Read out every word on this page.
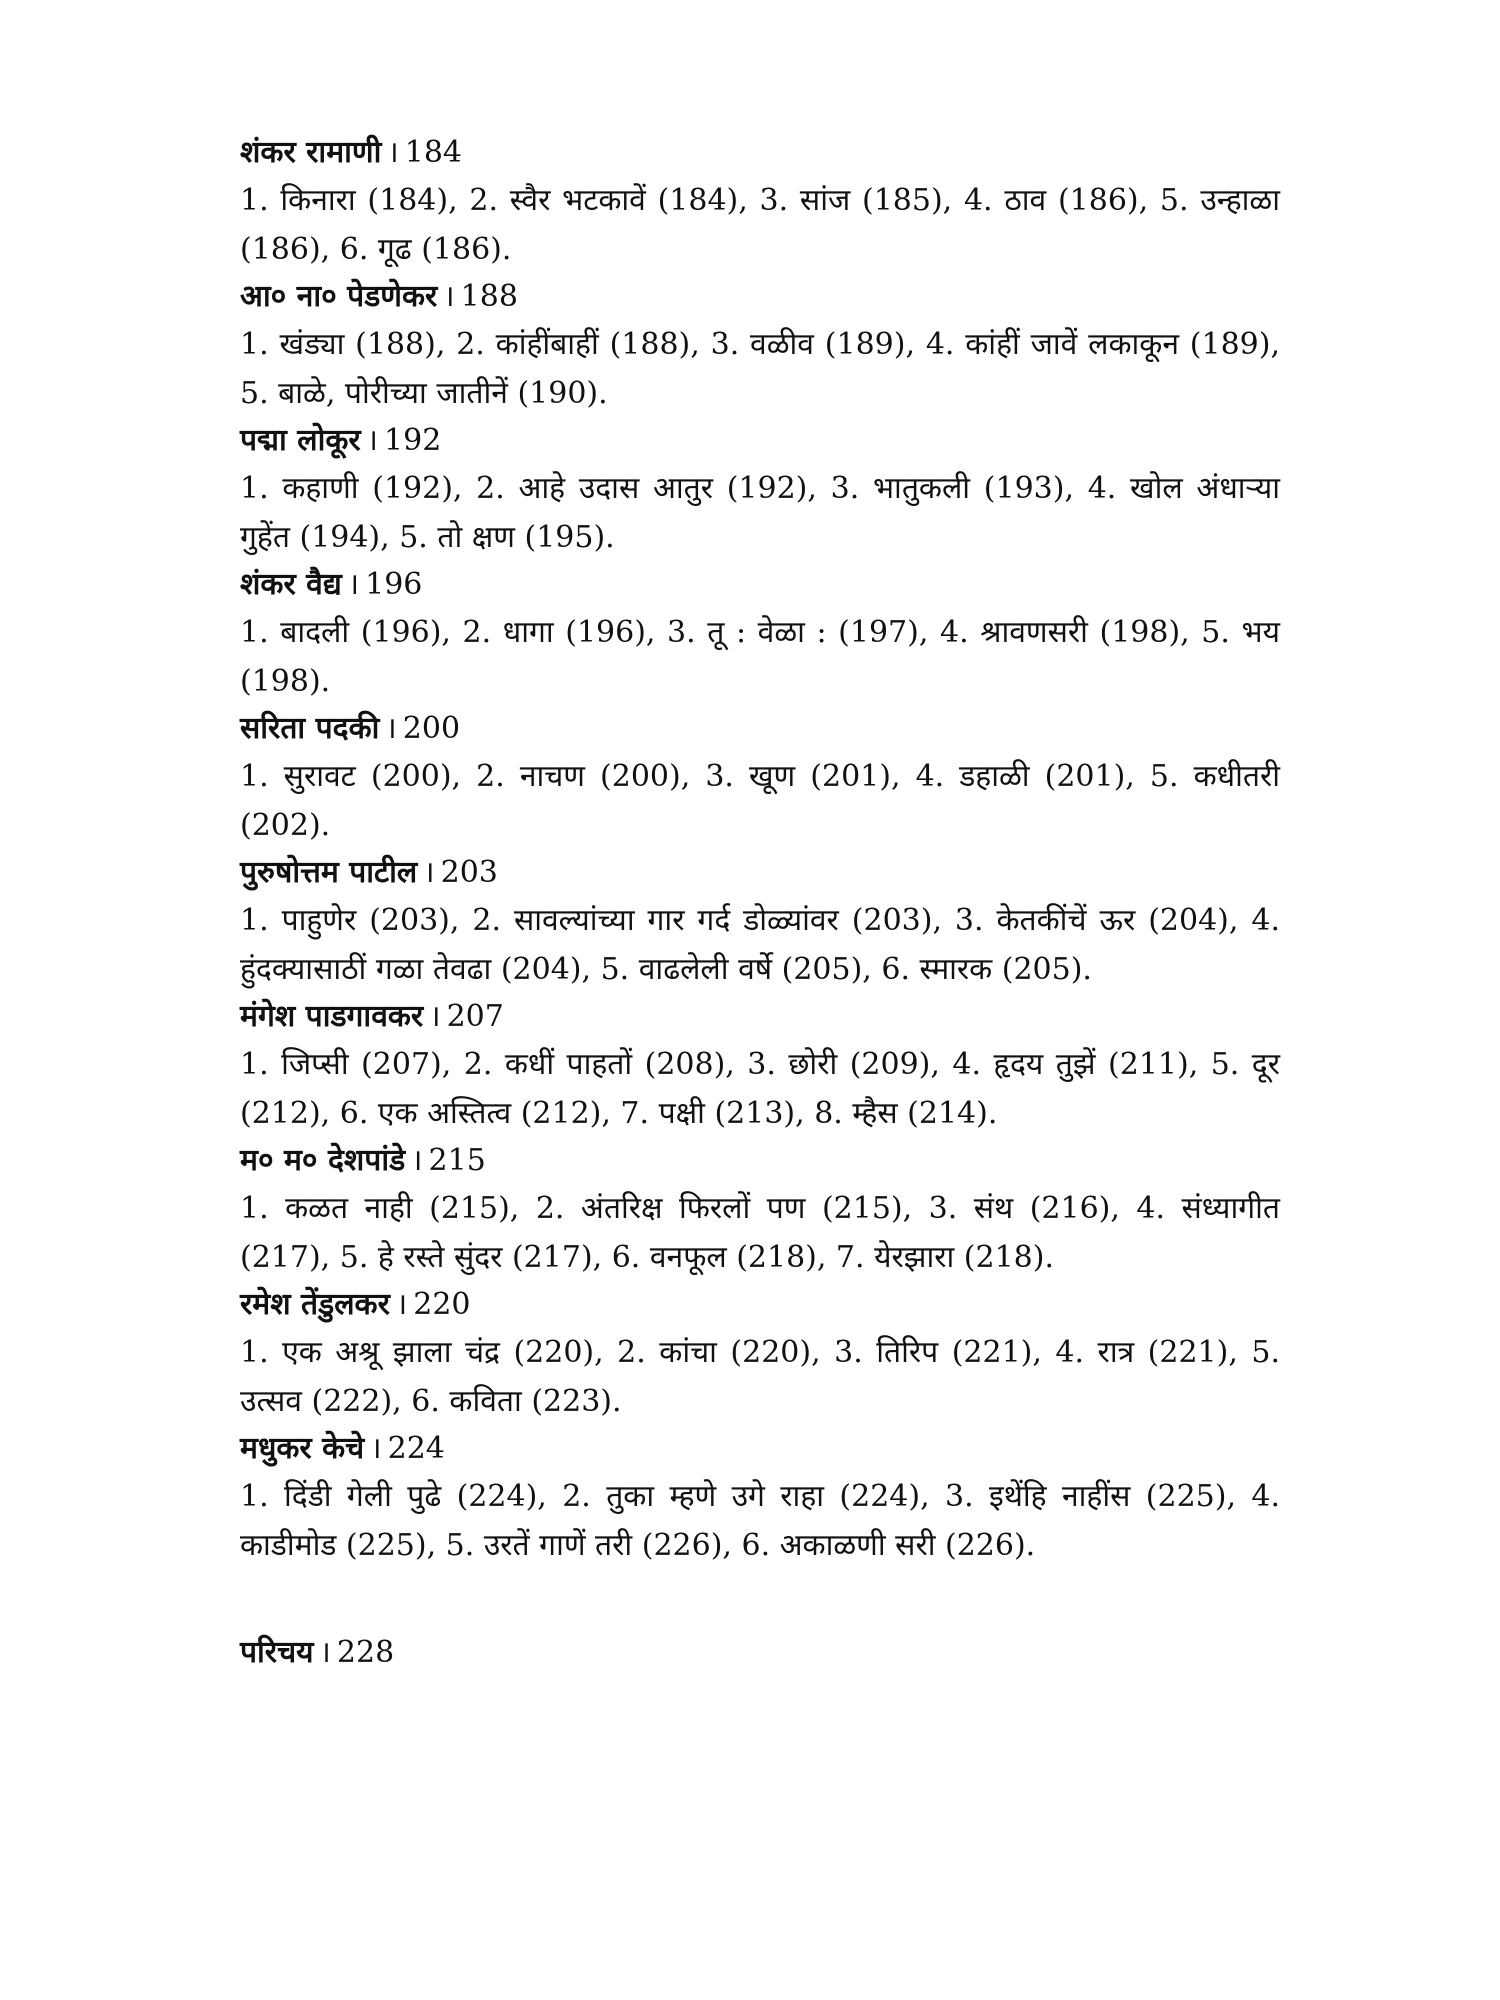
शंकर रामाणी । 184

1. किनारा (184), 2. स्वैर भटकावें (184), 3. सांज (185), 4. ठाव (186), 5. उन्हाळा (186), 6. गूढ (186).

आ० ना० पेडणेकर । 188

1. खंड्या (188), 2. कांहींबाहीं (188), 3. वळीव (189), 4. कांहीं जावें लकाकून (189), 5. बाळे, पोरीच्या जातीनें (190).

पद्मा लोकूर । 192

1. कहाणी (192), 2. आहे उदास आतुर (192), 3. भातुकली (193), 4. खोल अंधाऱ्या गुहेंत (194), 5. तो क्षण (195).

शंकर वैद्य । 196

1. बादली (196), 2. धागा (196), 3. तू : वेळा : (197), 4. श्रावणसरी (198), 5. भय (198).

सरिता पदकी । 200

1. सुरावट (200), 2. नाचण (200), 3. खूण (201), 4. डहाळी (201), 5. कधीतरी (202).

पुरुषोत्तम पाटील । 203

1. पाहुणेर (203), 2. सावल्यांच्या गार गर्द डोळ्यांवर (203), 3. केतकींचें ऊर (204), 4. हुंदक्यासाठीं गळा तेवढा (204), 5. वाढलेली वर्षे (205), 6. स्मारक (205).

मंगेश पाडगावकर । 207

1. जिप्सी (207), 2. कधीं पाहतों (208), 3. छोरी (209), 4. हृदय तुझें (211), 5. दूर (212), 6. एक अस्तित्व (212), 7. पक्षी (213), 8. म्हैस (214).

म० म० देशपांडे । 215

1. कळत नाही (215), 2. अंतरिक्ष फिरलों पण (215), 3. संथ (216), 4. संध्यागीत (217), 5. हे रस्ते सुंदर (217), 6. वनफूल (218), 7. येरझारा (218).

रमेश तेंडुलकर । 220

1. एक अश्रू झाला चंद्र (220), 2. कांचा (220), 3. तिरिप (221), 4. रात्र (221), 5. उत्सव (222), 6. कविता (223).

मधुकर केचे । 224

1. दिंडी गेली पुढे (224), 2. तुका म्हणे उगे राहा (224), 3. इथेंहि नाहींस (225), 4. काडीमोड (225), 5. उरतें गाणें तरी (226), 6. अकाळणी सरी (226).

परिचय । 228
